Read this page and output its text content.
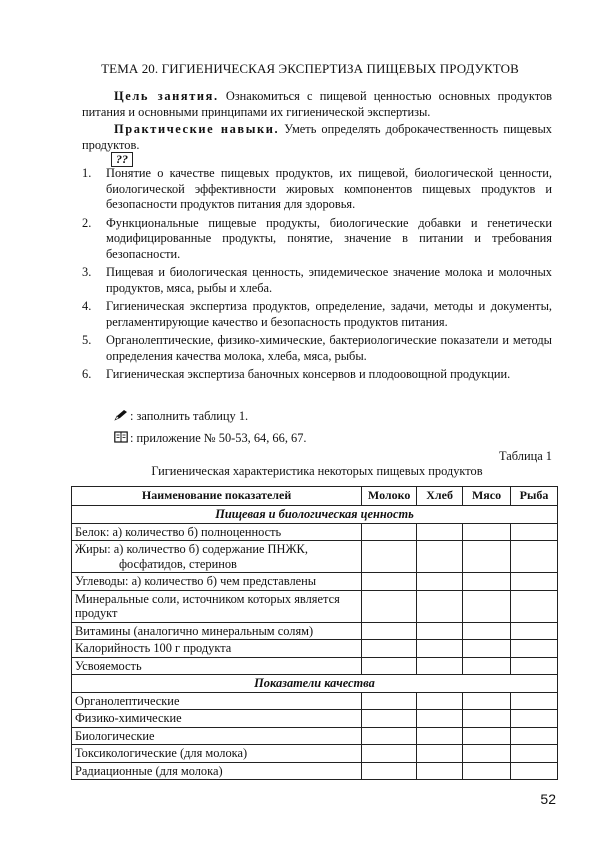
ТЕМА 20. ГИГИЕНИЧЕСКАЯ ЭКСПЕРТИЗА ПИЩЕВЫХ ПРОДУКТОВ
Цель занятия. Ознакомиться с пищевой ценностью основных продуктов питания и основными принципами их гигиенической экспертизы.
Практические навыки. Уметь определять доброкачественность пищевых продуктов.
??
1. Понятие о качестве пищевых продуктов, их пищевой, биологической ценности, биологической эффективности жировых компонентов пищевых продуктов и безопасности продуктов питания для здоровья.
2. Функциональные пищевые продукты, биологические добавки и генетически модифицированные продукты, понятие, значение в питании и требования безопасности.
3. Пищевая и биологическая ценность, эпидемическое значение молока и молочных продуктов, мяса, рыбы и хлеба.
4. Гигиеническая экспертиза продуктов, определение, задачи, методы и документы, регламентирующие качество и безопасность продуктов питания.
5. Органолептические, физико-химические, бактериологические показатели и методы определения качества молока, хлеба, мяса, рыбы.
6. Гигиеническая экспертиза баночных консервов и плодоовощной продукции.
: заполнить таблицу 1.
: приложение № 50-53, 64, 66, 67.
Таблица 1
Гигиеническая характеристика некоторых пищевых продуктов
Наименование показателей	Молоко	Хлеб	Мясо	Рыба
Пищевая и биологическая ценность				
Белок: а) количество б) полноценность				
Жиры: а) количество б) содержание ПНЖК,
фосфатидов, стеринов				

Углеводы: а) количество б) чем представлены				
Минеральные соли, источником которых является продукт				
Витамины (аналогично минеральным солям)				
Калорийность 100 г продукта				
Усвояемость				
Показатели качества				
Органолептические				
Физико-химические				
Биологические				
Токсикологические (для молока)				
Радиационные (для молока)				
52
